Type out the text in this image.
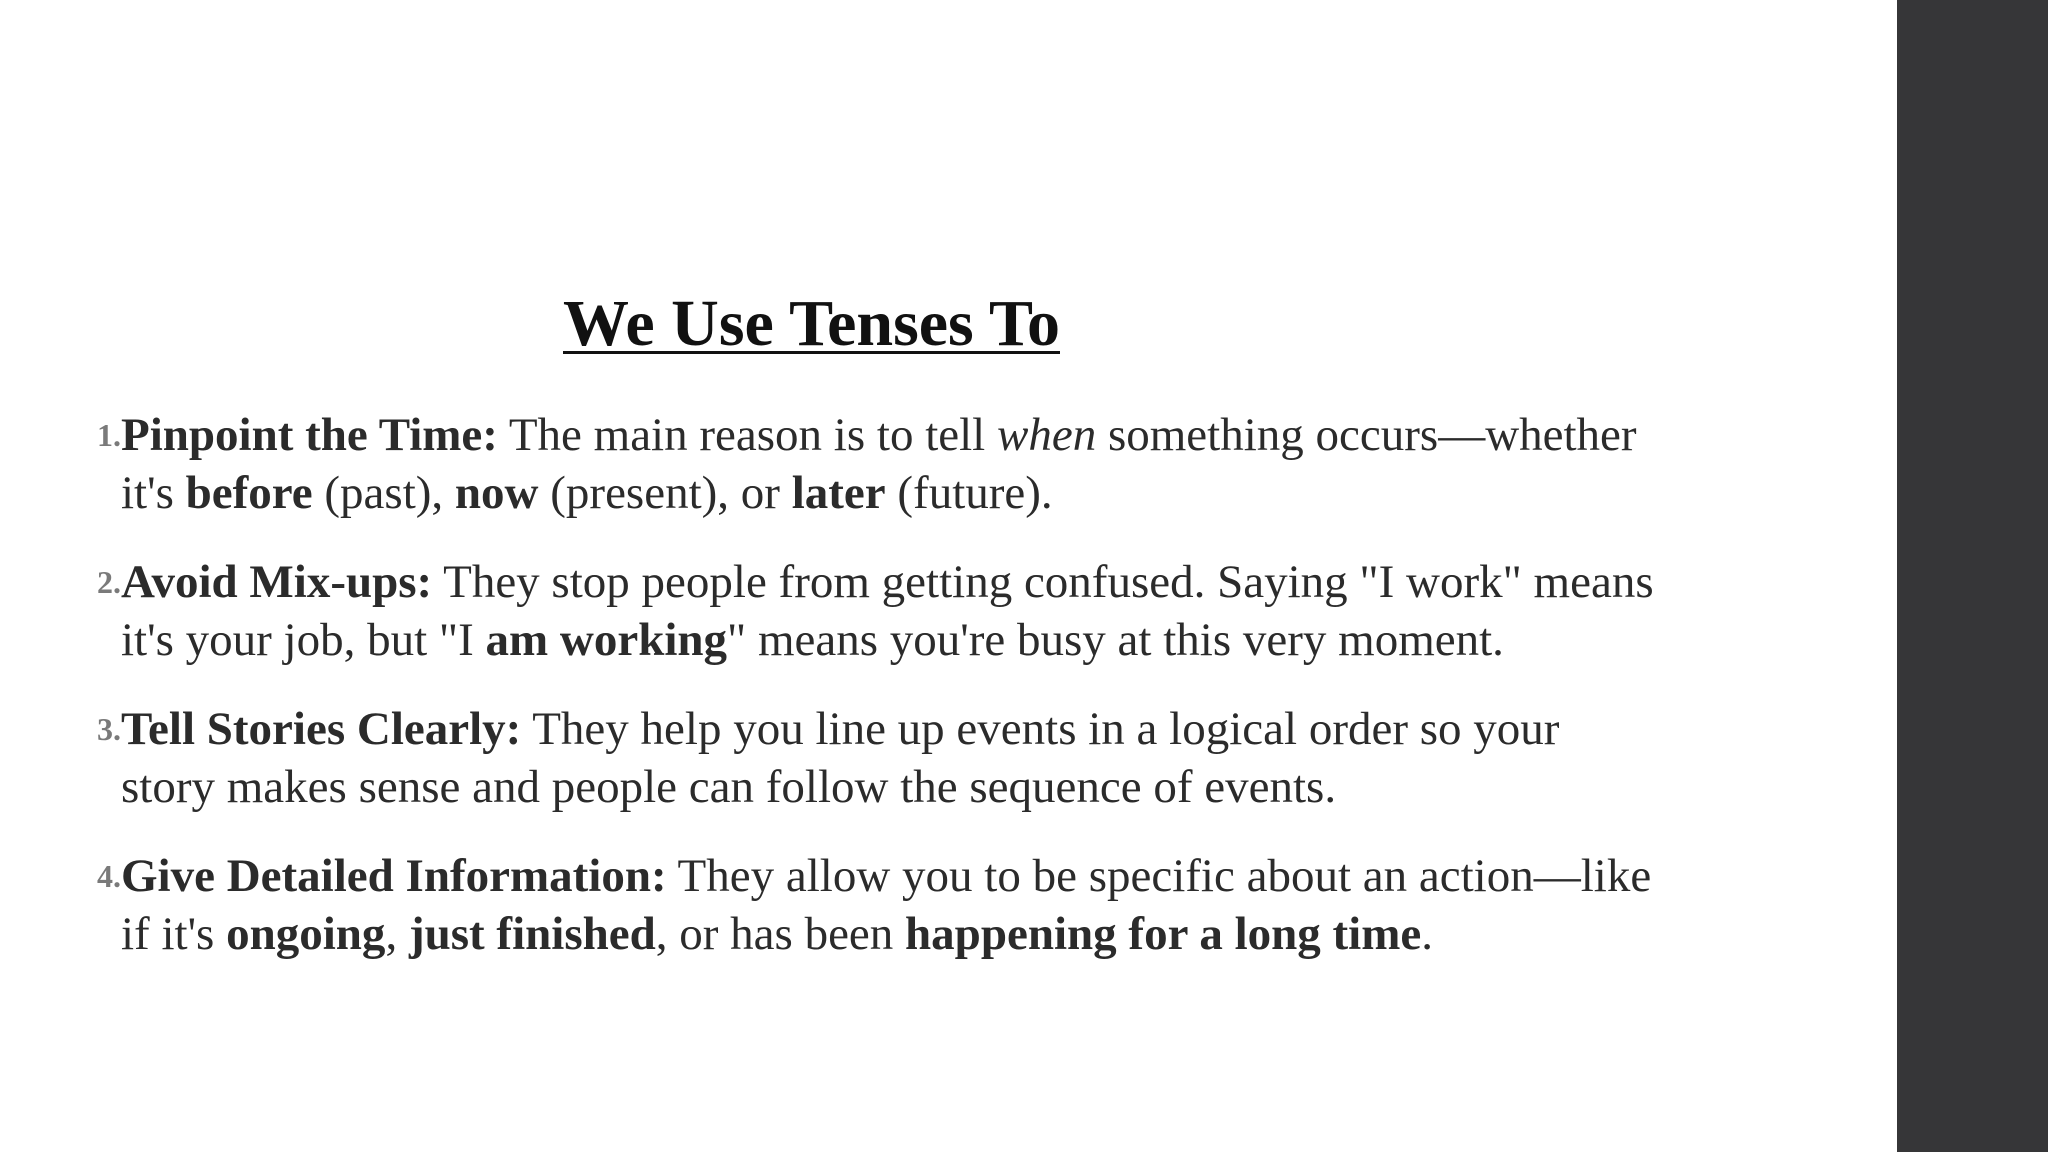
We Use Tenses To
1. Pinpoint the Time: The main reason is to tell when something occurs—whether
it's before (past), now (present), or later (future).
2. Avoid Mix-ups: They stop people from getting confused. Saying "I work" means
it's your job, but "I am working" means you're busy at this very moment.
3. Tell Stories Clearly: They help you line up events in a logical order so your
story makes sense and people can follow the sequence of events.
4. Give Detailed Information: They allow you to be specific about an action—like
if it's ongoing, just finished, or has been happening for a long time.
